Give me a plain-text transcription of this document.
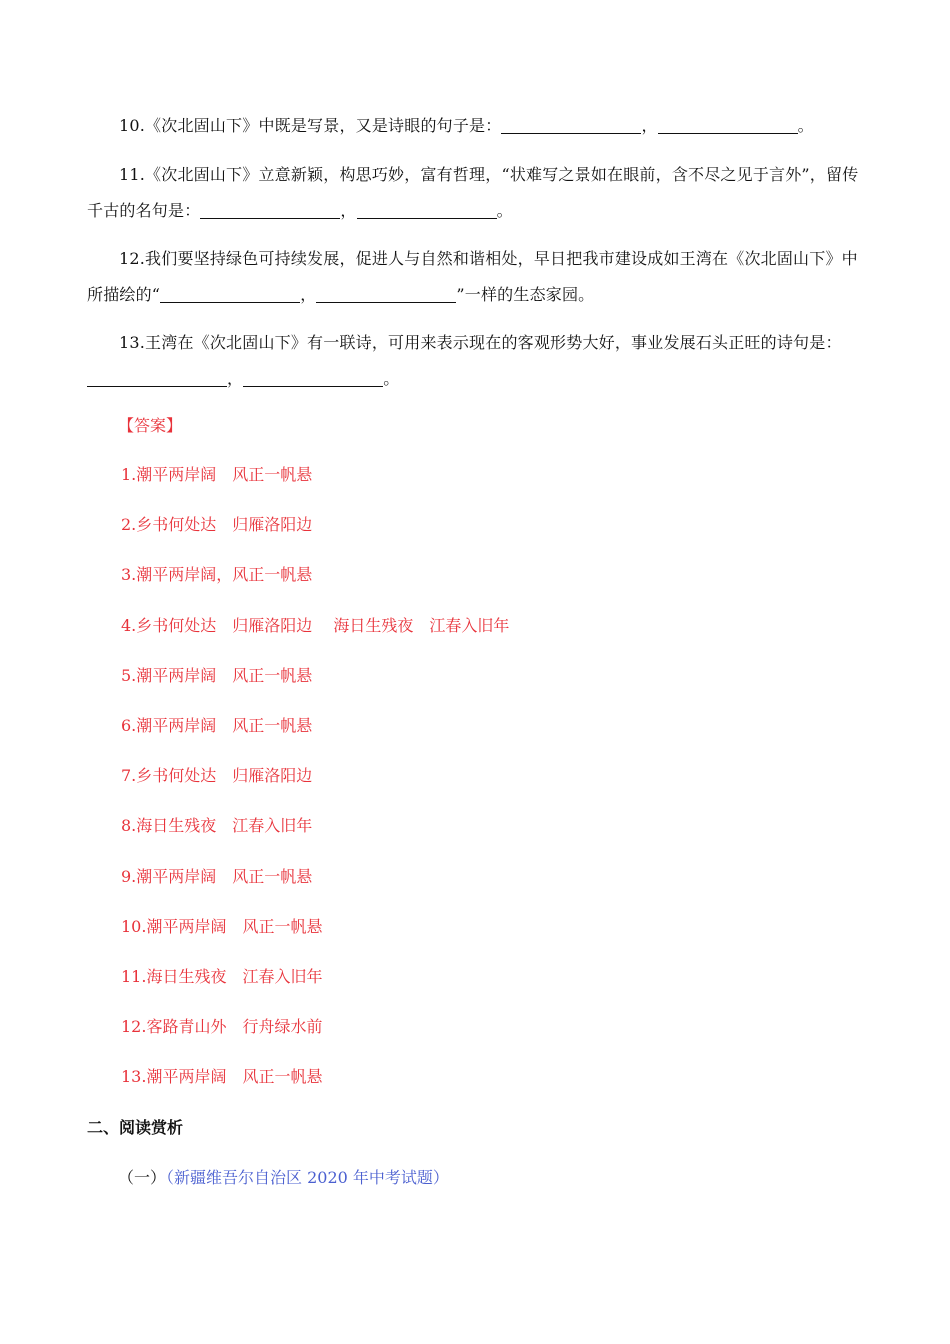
10.《次北固山下》中既是写景，又是诗眼的句子是：	，	。

11.《次北固山下》立意新颖，构思巧妙，富有哲理，“状难写之景如在眼前，含不尽之见于言外”，留传千古的名句是：	，	。

12.我们要坚持绿色可持续发展，促进人与自然和谐相处，早日把我市建设成如王湾在《次北固山下》中所描绘的“	，	”一样的生态家园。

13.王湾在《次北固山下》有一联诗，可用来表示现在的客观形势大好，事业发展石头正旺的诗句是：，	。

【答案】
1.潮平两岸阔　风正一帆悬
2.乡书何处达　归雁洛阳边
3.潮平两岸阔，风正一帆悬
4.乡书何处达　归雁洛阳边　 海日生残夜　江春入旧年
5.潮平两岸阔　风正一帆悬
6.潮平两岸阔　风正一帆悬
7.乡书何处达　归雁洛阳边
8.海日生残夜　江春入旧年
9.潮平两岸阔　风正一帆悬
10.潮平两岸阔　风正一帆悬
11.海日生残夜　江春入旧年
12.客路青山外　行舟绿水前
13.潮平两岸阔　风正一帆悬
二、阅读赏析
（一）（新疆维吾尔自治区 2020 年中考试题）
